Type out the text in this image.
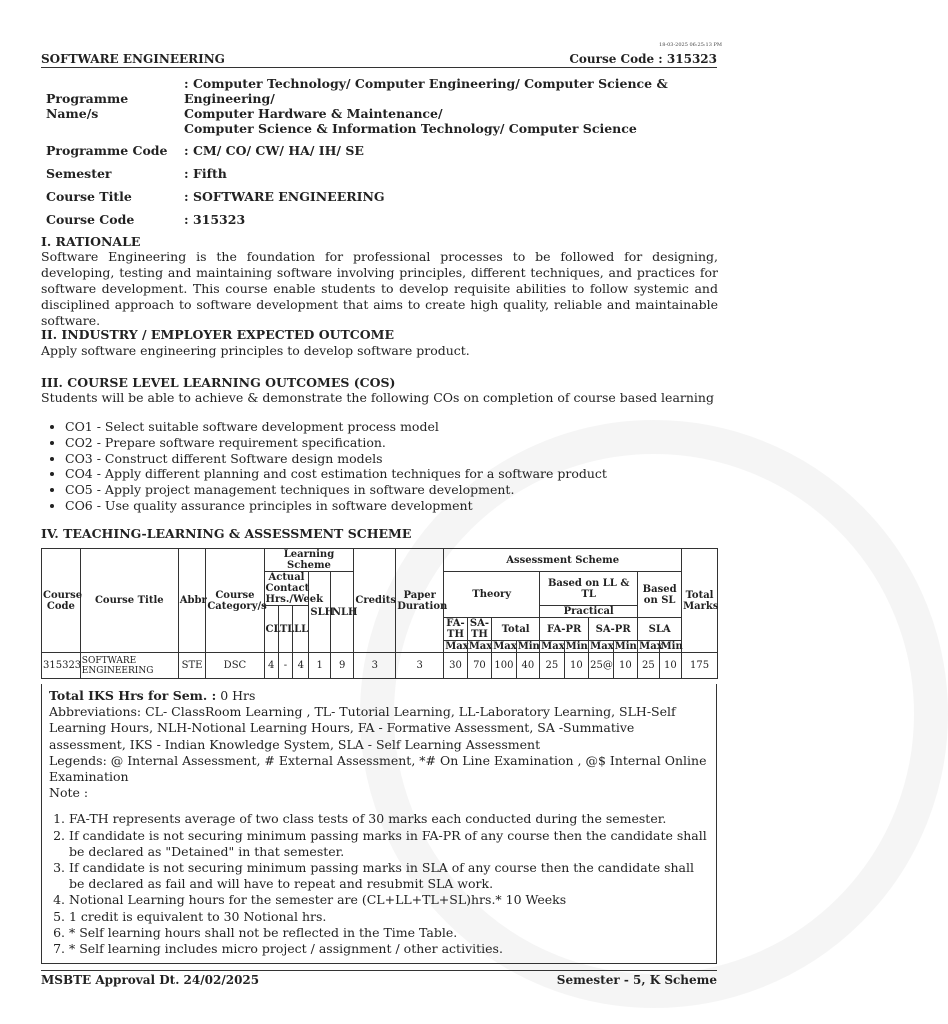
18-03-2025 06:25:13 PM
SOFTWARE ENGINEERING	Course Code : 315323
Programme Name/s	: Computer Technology/ Computer Engineering/ Computer Science & Engineering/
Computer Hardware & Maintenance/
Computer Science & Information Technology/ Computer Science

Programme Code	: CM/ CO/ CW/ HA/ IH/ SE
Semester	: Fifth
Course Title	: SOFTWARE ENGINEERING
Course Code	: 315323
I. RATIONALE
Software Engineering is the foundation for professional processes to be followed for designing, developing, testing and maintaining software involving principles, different techniques, and practices for software development. This course enable students to develop requisite abilities to follow systemic and disciplined approach to software development that aims to create high quality, reliable and maintainable software.
II. INDUSTRY / EMPLOYER EXPECTED OUTCOME
Apply software engineering principles to develop software product.
III. COURSE LEVEL LEARNING OUTCOMES (COS)
Students will be able to achieve & demonstrate the following COs on completion of course based learning
• CO1 - Select suitable software development process model
• CO2 - Prepare software requirement specification.
• CO3 - Construct different Software design models
• CO4 - Apply different planning and cost estimation techniques for a software product
• CO5 - Apply project management techniques in software development.
• CO6 - Use quality assurance principles in software development
IV. TEACHING-LEARNING & ASSESSMENT SCHEME
Course Code	Course Title	Abbr	Course Category/s	Learning Scheme					Credits	Paper Duration	Assessment Scheme										Total Marks
				Actual Contact Hrs./Week			SLH	NLH			Theory				Based on LL & TL				Based on SL		
				CL	TL	LL									Practical						
											FA-TH	SA-TH	Total		FA-PR		SA-PR		SLA		
											Max	Max	Max	Min	Max	Min	Max	Min	Max	Min	
315323	SOFTWARE ENGINEERING	STE	DSC	4	-	4	1	9	3	3	30	70	100	40	25	10	25@	10	25	10	175
Total IKS Hrs for Sem. : 0 Hrs
Abbreviations: CL- ClassRoom Learning , TL- Tutorial Learning, LL-Laboratory Learning, SLH-Self Learning Hours, NLH-Notional Learning Hours, FA - Formative Assessment, SA -Summative assessment, IKS - Indian Knowledge System, SLA - Self Learning Assessment
Legends: @ Internal Assessment, # External Assessment, *# On Line Examination , @$ Internal Online Examination
Note :
1. FA-TH represents average of two class tests of 30 marks each conducted during the semester.
2. If candidate is not securing minimum passing marks in FA-PR of any course then the candidate shall be declared as "Detained" in that semester.
3. If candidate is not securing minimum passing marks in SLA of any course then the candidate shall be declared as fail and will have to repeat and resubmit SLA work.
4. Notional Learning hours for the semester are (CL+LL+TL+SL)hrs.* 10 Weeks
5. 1 credit is equivalent to 30 Notional hrs.
6. * Self learning hours shall not be reflected in the Time Table.
7. * Self learning includes micro project / assignment / other activities.
MSBTE Approval Dt. 24/02/2025	Semester - 5, K Scheme
